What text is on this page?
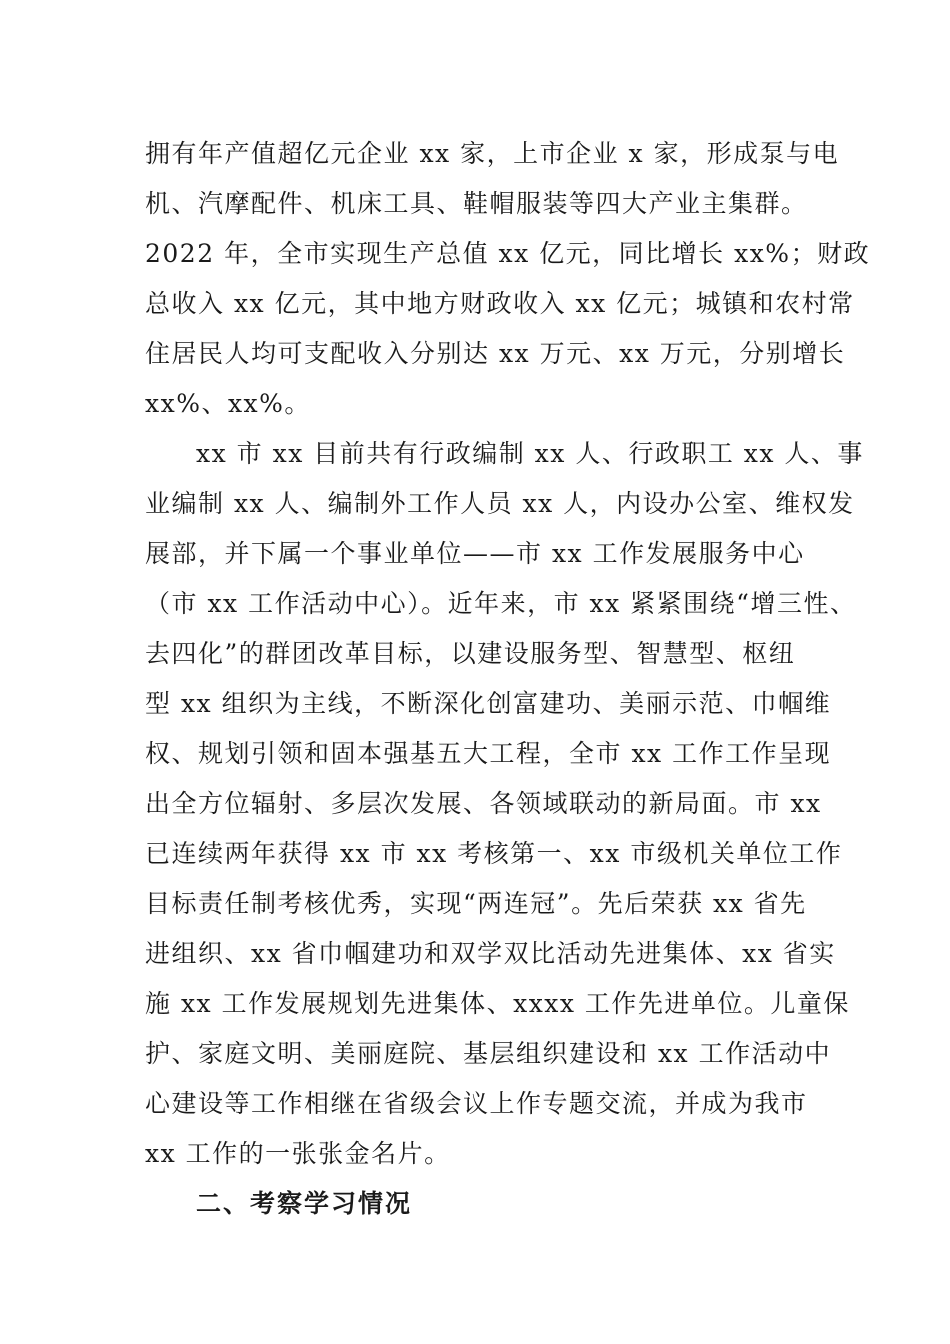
拥有年产值超亿元企业 xx 家，上市企业 x 家，形成泵与电
机、汽摩配件、机床工具、鞋帽服装等四大产业主集群。
2022 年，全市实现生产总值 xx 亿元，同比增长 xx%；财政
总收入 xx 亿元，其中地方财政收入 xx 亿元；城镇和农村常
住居民人均可支配收入分别达 xx 万元、xx 万元，分别增长
xx%、xx%。
xx 市 xx 目前共有行政编制 xx 人、行政职工 xx 人、事
业编制 xx 人、编制外工作人员 xx 人，内设办公室、维权发
展部，并下属一个事业单位——市 xx 工作发展服务中心
（市 xx 工作活动中心）。近年来，市 xx 紧紧围绕“增三性、
去四化”的群团改革目标，以建设服务型、智慧型、枢纽
型 xx 组织为主线，不断深化创富建功、美丽示范、巾帼维
权、规划引领和固本强基五大工程，全市 xx 工作工作呈现
出全方位辐射、多层次发展、各领域联动的新局面。市 xx
已连续两年获得 xx 市 xx 考核第一、xx 市级机关单位工作
目标责任制考核优秀，实现“两连冠”。先后荣获 xx 省先
进组织、xx 省巾帼建功和双学双比活动先进集体、xx 省实
施 xx 工作发展规划先进集体、xxxx 工作先进单位。儿童保
护、家庭文明、美丽庭院、基层组织建设和 xx 工作活动中
心建设等工作相继在省级会议上作专题交流，并成为我市
xx 工作的一张张金名片。
二、考察学习情况
